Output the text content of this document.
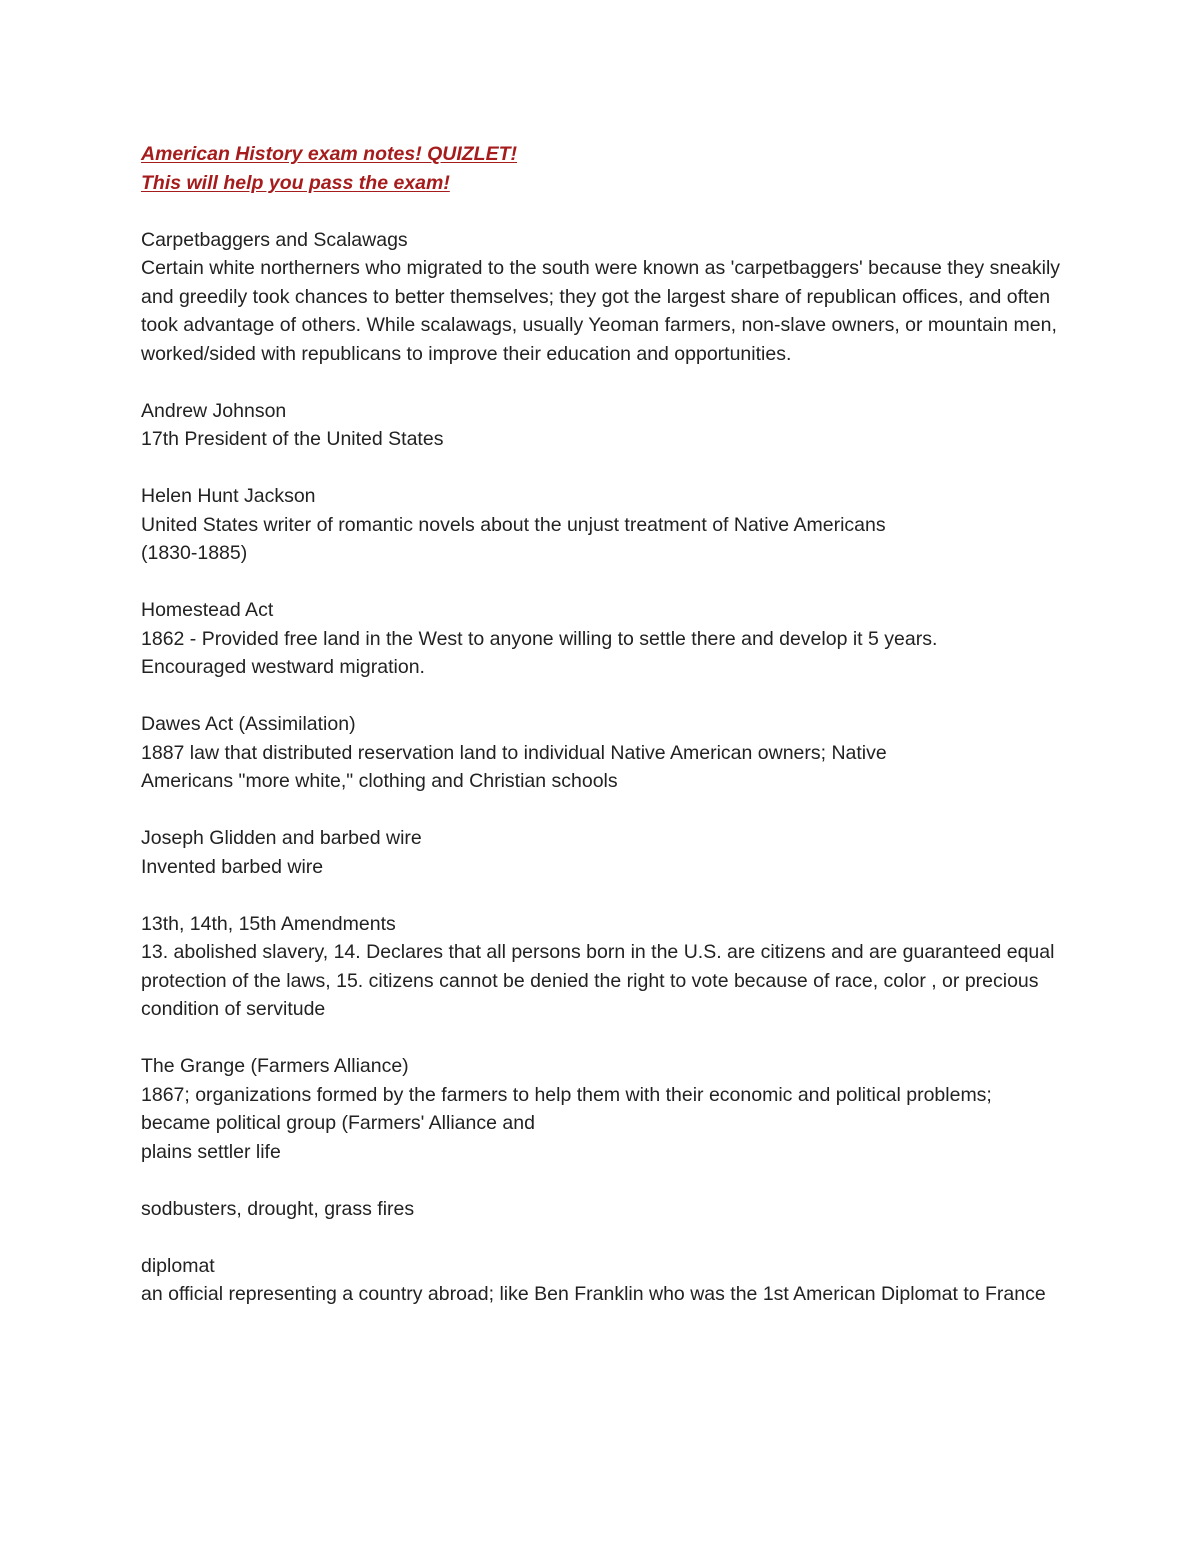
American History exam notes! QUIZLET!
This will help you pass the exam!
Carpetbaggers and Scalawags
Certain white northerners who migrated to the south were known as 'carpetbaggers' because they sneakily and greedily took chances to better themselves; they got the largest share of republican offices, and often took advantage of others. While scalawags, usually Yeoman farmers, non-slave owners, or mountain men, worked/sided with republicans to improve their education and opportunities.
Andrew Johnson
17th President of the United States
Helen Hunt Jackson
United States writer of romantic novels about the unjust treatment of Native Americans
(1830-1885)
Homestead Act
1862 - Provided free land in the West to anyone willing to settle there and develop it 5 years.
Encouraged westward migration.
Dawes Act (Assimilation)
1887 law that distributed reservation land to individual Native American owners; Native
Americans "more white," clothing and Christian schools
Joseph Glidden and barbed wire
Invented barbed wire
13th, 14th, 15th Amendments
13. abolished slavery, 14. Declares that all persons born in the U.S. are citizens and are guaranteed equal protection of the laws, 15. citizens cannot be denied the right to vote because of race, color , or precious condition of servitude
The Grange (Farmers Alliance)
1867; organizations formed by the farmers to help them with their economic and political problems; became political group (Farmers' Alliance and
plains settler life
sodbusters, drought, grass fires
diplomat
an official representing a country abroad; like Ben Franklin who was the 1st American Diplomat to France
